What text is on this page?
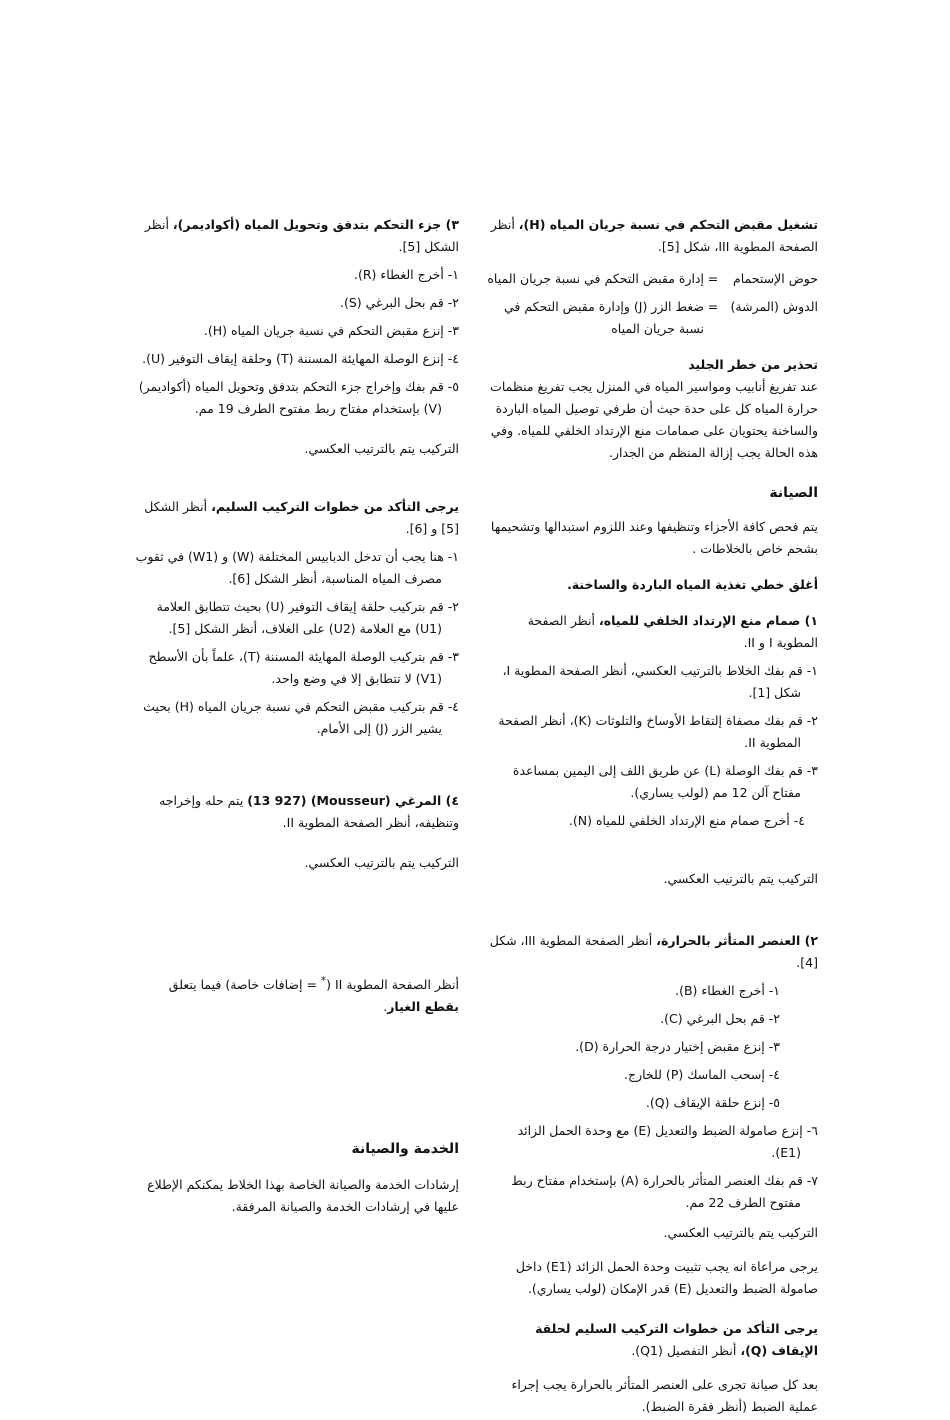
تشغيل مقبض التحكم في نسبة جريان المياه (H)، أنظر الصفحة المطوية III، شكل [5].

حوض الإستحمام
=
إدارة مقبض التحكم في نسبة جريان المياه
الدوش (المرشة)
=
ضغط الزر (J) وإدارة مقبض التحكم في نسبة جريان المياه

تحذير من خطر الجليد

عند تفريغ أنابيب ومواسير المياه في المنزل يجب تفريغ منظمات حرارة المياه كل على حدة حيث أن طرفي توصيل المياه الباردة والساخنة يحتويان على صمامات منع الإرتداد الخلفي للمياه. وفي هذه الحالة يجب إزالة المنظم من الجدار.

الصيانة

يتم فحص كافة الأجزاء وتنظيفها وعند اللزوم استبدالها وتشحيمها بشحم خاص بالخلاطات .

أغلق خطي تغذية المياه الباردة والساخنة.

١) صمام منع الإرتداد الخلفي للمياه، أنظر الصفحة المطوية I و II.

١- قم بفك الخلاط بالترتيب العكسي، أنظر الصفحة المطوية I، شكل [1].

٢- قم بفك مصفاة إلتقاط الأوساخ والتلوثات (K)، أنظر الصفحة المطوية II.

٣- قم بفك الوصلة (L) عن طريق اللف إلى اليمين بمساعدة مفتاح آلن 12 مم (لولب يساري).

٤- أخرج صمام منع الإرتداد الخلفي للمياه (N).

التركيب يتم بالترتيب العكسي.

٢) العنصر المتأثر بالحرارة، أنظر الصفحة المطوية III، شكل [4].

١- أخرج الغطاء (B).

٢- قم بحل البرغي (C).

٣- إنزع مقبض إختيار درجة الحرارة (D).

٤- إسحب الماسك (P) للخارج.

٥- إنزع حلقة الإيقاف (Q).

٦- إنزع صامولة الضبط والتعديل (E) مع وحدة الحمل الزائد (E1).

٧- قم بفك العنصر المتأثر بالحرارة (A) بإستخدام مفتاح ربط مفتوح الطرف 22 مم.

التركيب يتم بالترتيب العكسي.

يرجى مراعاة انه يجب تثبيت وحدة الحمل الزائد (E1) داخل صامولة الضبط والتعديل (E) قدر الإمكان (لولب يساري).

يرجى التأكد من خطوات التركيب السليم لحلقة الإيقاف (Q)، أنظر التفصيل (Q1).

بعد كل صيانة تجرى على العنصر المتأثر بالحرارة يجب إجراء عملية الضبط (أنظر فقرة الضبط).

٣) جزء التحكم بتدفق وتحويل المياه (أكواديمر)، أنظر الشكل [5].

١- أخرج الغطاء (R).

٢- قم بحل البرغي (S).

٣- إنزع مقبض التحكم في نسبة جريان المياه (H).

٤- إنزع الوصلة المهايئة المسننة (T) وحلقة إيقاف التوفير (U).

٥- قم بفك وإخراج جزء التحكم بتدفق وتحويل المياه (أكواديمر) (V) بإستخدام مفتاح ربط مفتوح الطرف 19 مم.

التركيب يتم بالترتيب العكسي.

يرجى التأكد من خطوات التركيب السليم، أنظر الشكل [5] و [6].

١- هنا يجب أن تدخل الدبابيس المختلفة (W) و (W1) في ثقوب مصرف المياه المناسبة، أنظر الشكل [6].

٢- قم بتركيب حلقة إيقاف التوفير (U) بحيث تتطابق العلامة (U1) مع العلامة (U2) على الغلاف، أنظر الشكل [5].

٣- قم بتركيب الوصلة المهايئة المسننة (T)، علماً بأن الأسطح (V1) لا تتطابق إلا في وضع واحد.

٤- قم بتركيب مقبض التحكم في نسبة جريان المياه (H) بحيث يشير الزر (J) إلى الأمام.

٤) المرغي (Mousseur) (13 927) يتم حله وإخراجه وتنظيفه، أنظر الصفحة المطوية II.

التركيب يتم بالترتيب العكسي.

أنظر الصفحة المطوية II (* = إضافات خاصة) فيما يتعلق بقطع الغيار.

الخدمة والصيانة

إرشادات الخدمة والصيانة الخاصة بهذا الخلاط يمكنكم الإطلاع عليها في إرشادات الخدمة والصيانة المرفقة.
